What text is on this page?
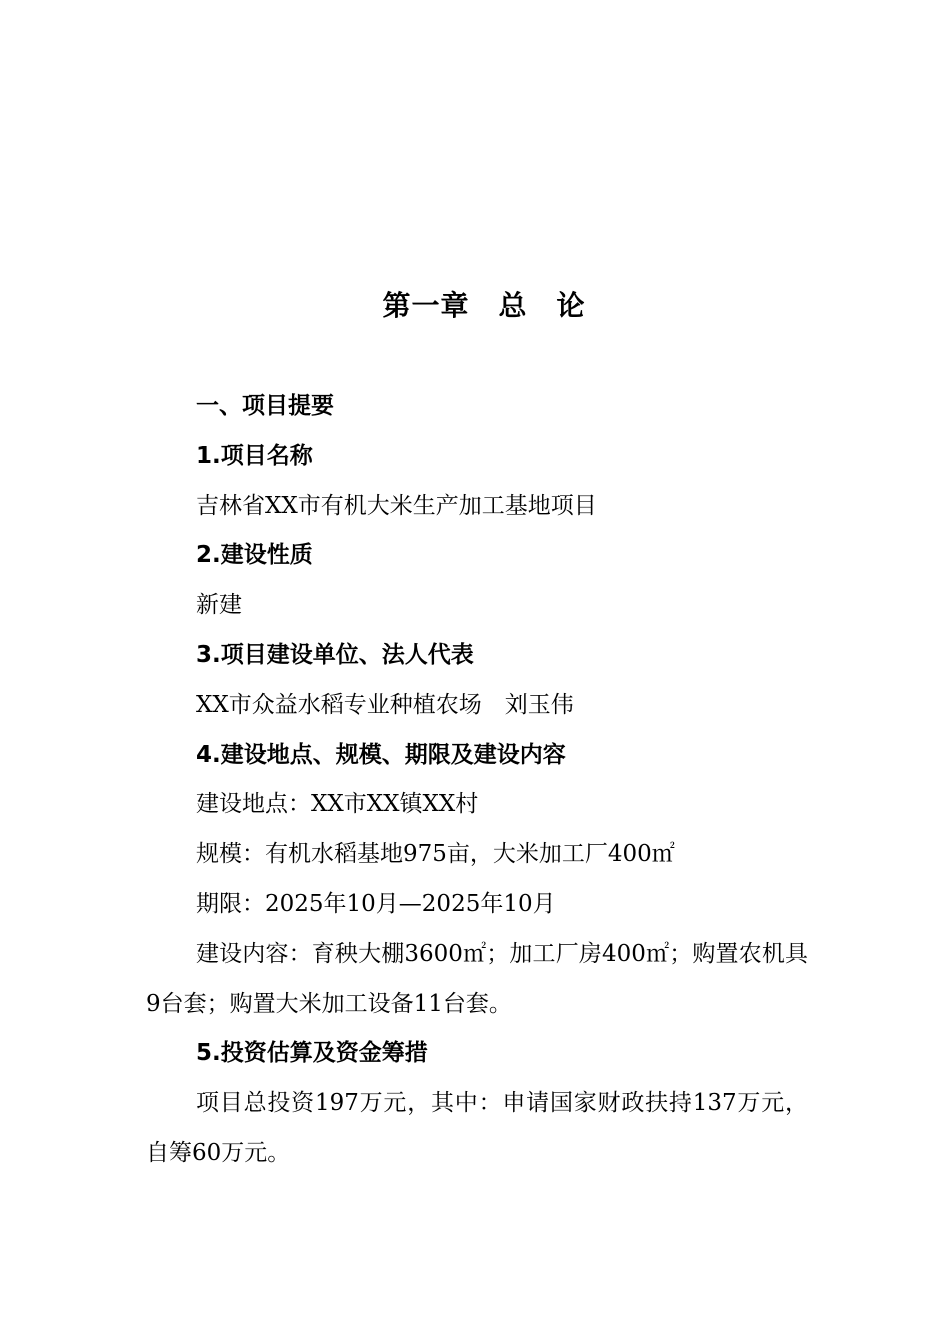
第一章　总　论

一、项目提要

1.项目名称

吉林省XX市有机大米生产加工基地项目

2.建设性质

新建

3.项目建设单位、法人代表

XX市众益水稻专业种植农场　刘玉伟

4.建设地点、规模、期限及建设内容

建设地点：XX市XX镇XX村

规模：有机水稻基地975亩，大米加工厂400㎡

期限：2025年10月—2025年10月

建设内容：育秧大棚3600㎡；加工厂房400㎡；购置农机具9台套；购置大米加工设备11台套。

5.投资估算及资金筹措

项目总投资197万元，其中：申请国家财政扶持137万元，自筹60万元。
